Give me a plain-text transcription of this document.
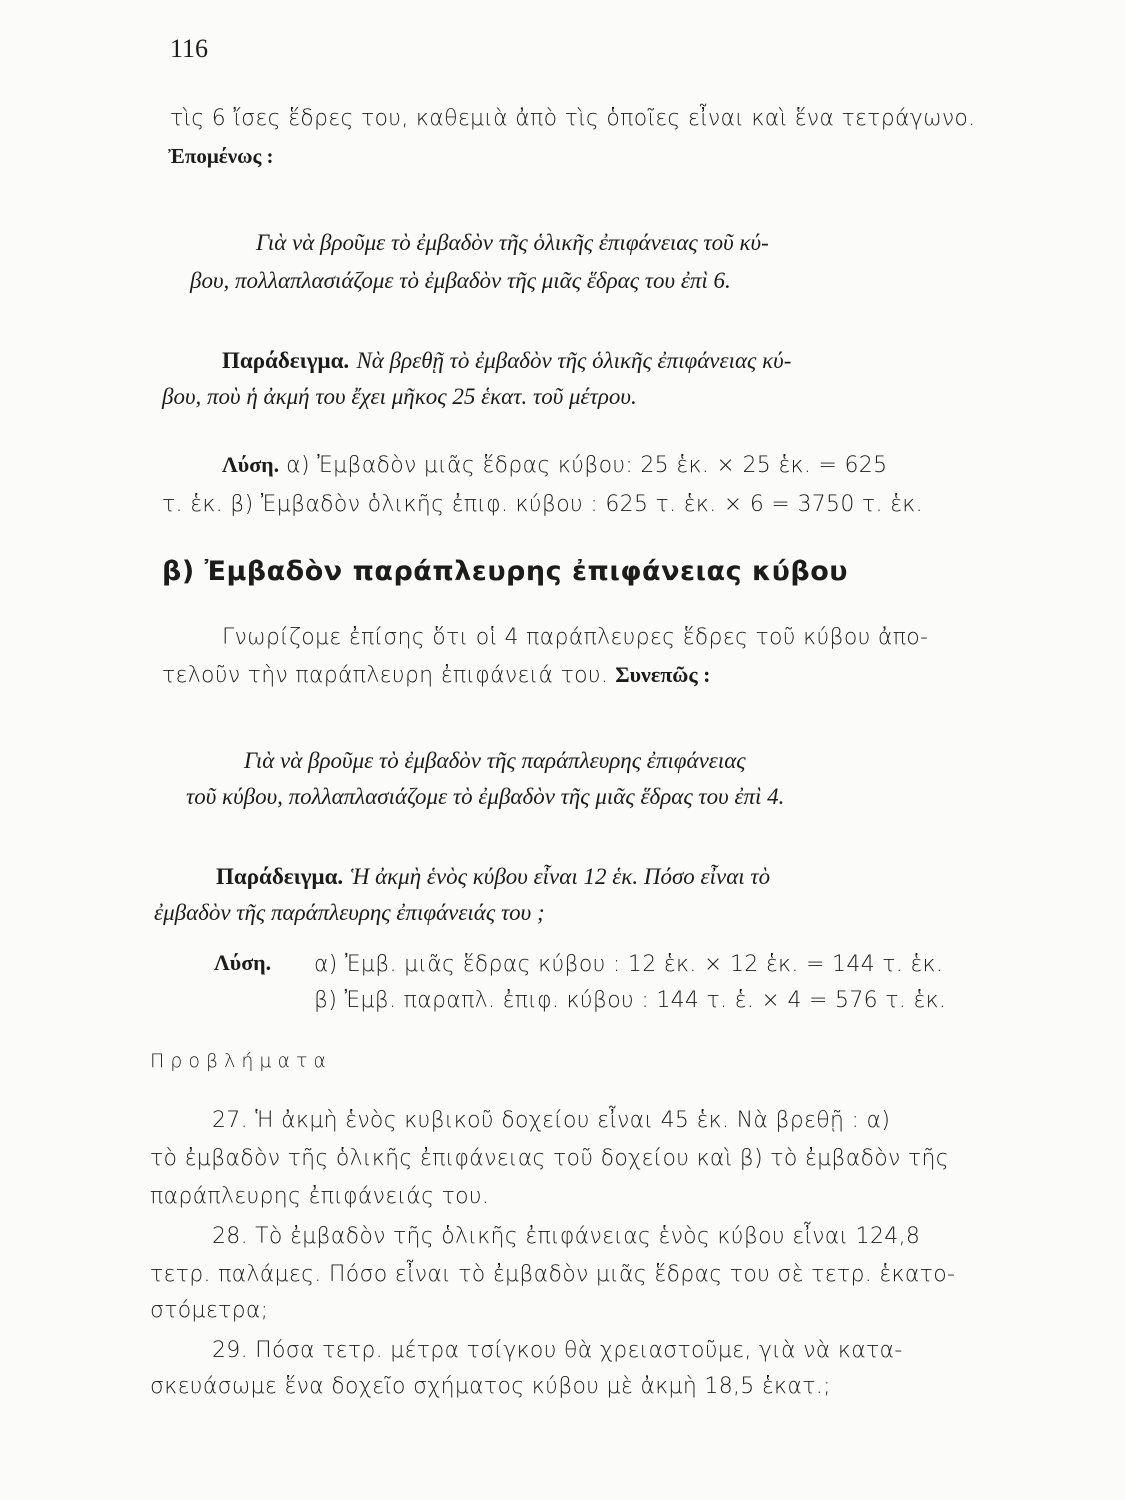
116
τὶς 6 ἴσες ἕδρες του, καθεμιὰ ἀπὸ τὶς ὁποῖες εἶναι καὶ ἕνα τετράγωνο.
Ἐπομένως :
Γιὰ νὰ βροῦμε τὸ ἐμβαδὸν τῆς ὁλικῆς ἐπιφάνειας τοῦ κύ-
βου, πολλαπλασιάζομε τὸ ἐμβαδὸν τῆς μιᾶς ἕδρας του ἐπὶ 6.
Παράδειγμα. Νὰ βρεθῇ τὸ ἐμβαδὸν τῆς ὁλικῆς ἐπιφάνειας κύ-
βου, ποὺ ἡ ἀκμή του ἔχει μῆκος 25 ἑκατ. τοῦ μέτρου.
Λύση. α) Ἐμβαδὸν μιᾶς ἕδρας κύβου: 25 ἑκ. × 25 ἑκ. = 625
τ. ἑκ. β) Ἐμβαδὸν ὁλικῆς ἐπιφ. κύβου : 625 τ. ἑκ. × 6 = 3750 τ. ἑκ.
β) Ἐμβαδὸν παράπλευρης ἐπιφάνειας κύβου
Γνωρίζομε ἐπίσης ὅτι οἱ 4 παράπλευρες ἕδρες τοῦ κύβου ἀπο-
τελοῦν τὴν παράπλευρη ἐπιφάνειά του. Συνεπῶς :
Γιὰ νὰ βροῦμε τὸ ἐμβαδὸν τῆς παράπλευρης ἐπιφάνειας
τοῦ κύβου, πολλαπλασιάζομε τὸ ἐμβαδὸν τῆς μιᾶς ἕδρας του ἐπὶ 4.
Παράδειγμα. Ἡ ἀκμὴ ἑνὸς κύβου εἶναι 12 ἑκ. Πόσο εἶναι τὸ
ἐμβαδὸν τῆς παράπλευρης ἐπιφάνειάς του ;
Λύση. α) Ἐμβ. μιᾶς ἕδρας κύβου : 12 ἑκ. × 12 ἑκ. = 144 τ. ἑκ.
β) Ἐμβ. παραπλ. ἐπιφ. κύβου : 144 τ. ἑ. × 4 = 576 τ. ἑκ.
Προβλήματα
27. Ἡ ἀκμὴ ἑνὸς κυβικοῦ δοχείου εἶναι 45 ἑκ. Νὰ βρεθῇ : α)
τὸ ἐμβαδὸν τῆς ὁλικῆς ἐπιφάνειας τοῦ δοχείου καὶ β) τὸ ἐμβαδὸν τῆς
παράπλευρης ἐπιφάνειάς του.
28. Τὸ ἐμβαδὸν τῆς ὁλικῆς ἐπιφάνειας ἑνὸς κύβου εἶναι 124,8
τετρ. παλάμες. Πόσο εἶναι τὸ ἐμβαδὸν μιᾶς ἕδρας του σὲ τετρ. ἑκατο-
στόμετρα;
29. Πόσα τετρ. μέτρα τσίγκου θὰ χρειαστοῦμε, γιὰ νὰ κατα-
σκευάσωμε ἕνα δοχεῖο σχήματος κύβου μὲ ἀκμὴ 18,5 ἑκατ.;
